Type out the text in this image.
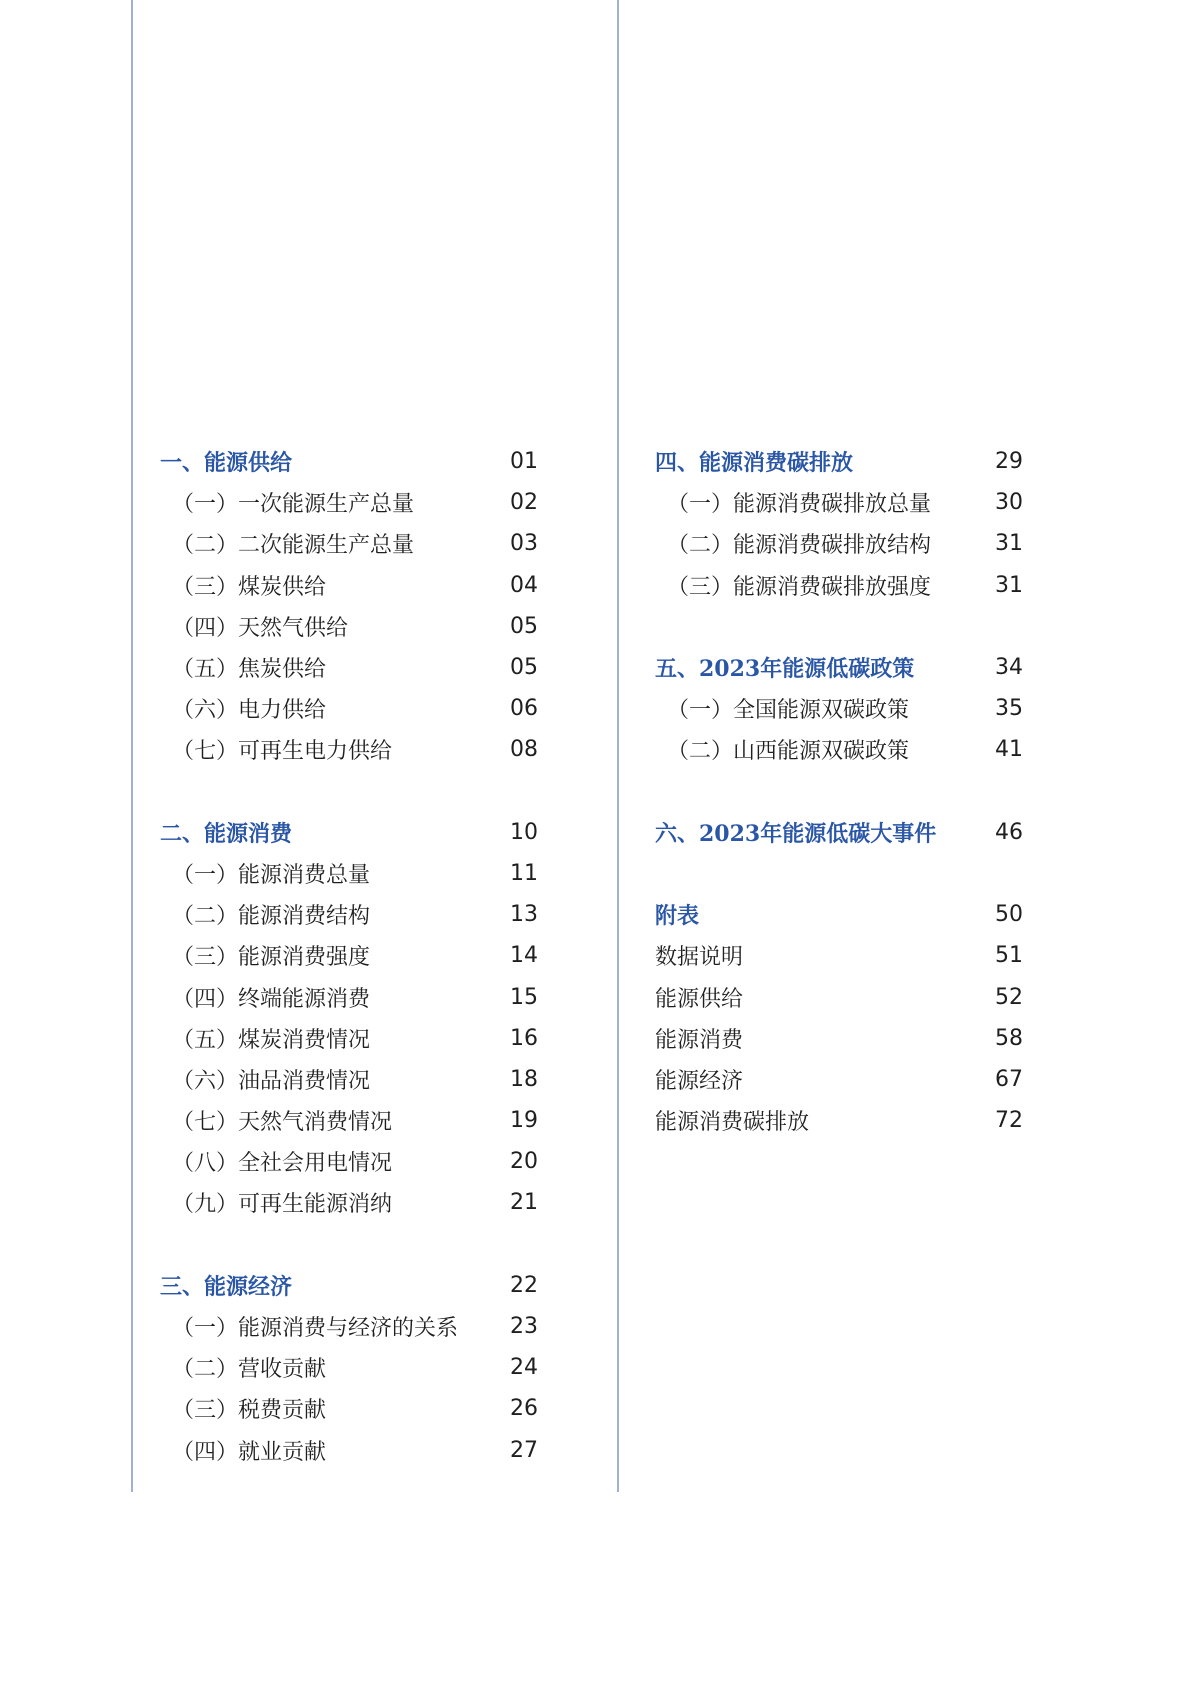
一、能源供给	01
（一）一次能源生产总量	02
（二）二次能源生产总量	03
（三）煤炭供给	04
（四）天然气供给	05
（五）焦炭供给	05
（六）电力供给	06
（七）可再生电力供给	08
二、能源消费	10
（一）能源消费总量	11
（二）能源消费结构	13
（三）能源消费强度	14
（四）终端能源消费	15
（五）煤炭消费情况	16
（六）油品消费情况	18
（七）天然气消费情况	19
（八）全社会用电情况	20
（九）可再生能源消纳	21
三、能源经济	22
（一）能源消费与经济的关系 23
（二）营收贡献	24
（三）税费贡献	26
（四）就业贡献	27
四、能源消费碳排放	29
（一）能源消费碳排放总量	30
（二）能源消费碳排放结构	31
（三）能源消费碳排放强度	31
五、2023年能源低碳政策	34
（一）全国能源双碳政策	35
（二）山西能源双碳政策	41
六、2023年能源低碳大事件	46
附表	50
数据说明	51
能源供给	52
能源消费	58
能源经济	67
能源消费碳排放	72
